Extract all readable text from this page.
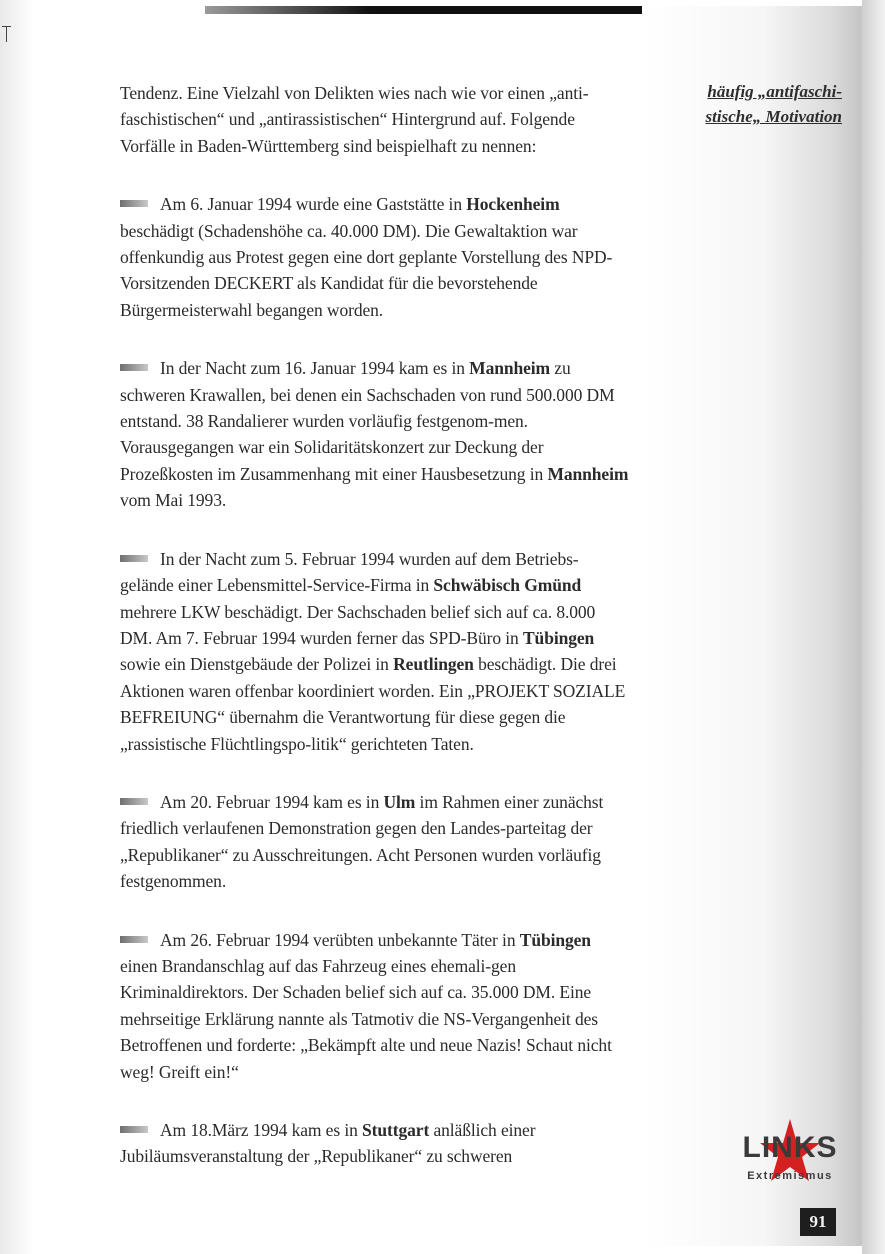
häufig „antifaschi-stische„ Motivation

Tendenz. Eine Vielzahl von Delikten wies nach wie vor einen „anti-faschistischen“ und „antirassistischen“ Hintergrund auf. Folgende Vorfälle in Baden-Württemberg sind beispielhaft zu nennen:

Am 6. Januar 1994 wurde eine Gaststätte in Hockenheim beschädigt (Schadenshöhe ca. 40.000 DM). Die Gewaltaktion war offenkundig aus Protest gegen eine dort geplante Vorstellung des NPD-Vorsitzenden DECKERT als Kandidat für die bevorstehende Bürgermeisterwahl begangen worden.

In der Nacht zum 16. Januar 1994 kam es in Mannheim zu schweren Krawallen, bei denen ein Sachschaden von rund 500.000 DM entstand. 38 Randalierer wurden vorläufig festgenom-men. Vorausgegangen war ein Solidaritätskonzert zur Deckung der Prozeßkosten im Zusammenhang mit einer Hausbesetzung in Mannheim vom Mai 1993.

In der Nacht zum 5. Februar 1994 wurden auf dem Betriebs-gelände einer Lebensmittel-Service-Firma in Schwäbisch Gmünd mehrere LKW beschädigt. Der Sachschaden belief sich auf ca. 8.000 DM. Am 7. Februar 1994 wurden ferner das SPD-Büro in Tübingen sowie ein Dienstgebäude der Polizei in Reutlingen beschädigt. Die drei Aktionen waren offenbar koordiniert worden. Ein „PROJEKT SOZIALE BEFREIUNG“ übernahm die Verantwortung für diese gegen die „rassistische Flüchtlingspo-litik“ gerichteten Taten.

Am 20. Februar 1994 kam es in Ulm im Rahmen einer zunächst friedlich verlaufenen Demonstration gegen den Landes-parteitag der „Republikaner“ zu Ausschreitungen. Acht Personen wurden vorläufig festgenommen.

Am 26. Februar 1994 verübten unbekannte Täter in Tübingen einen Brandanschlag auf das Fahrzeug eines ehemali-gen Kriminaldirektors. Der Schaden belief sich auf ca. 35.000 DM. Eine mehrseitige Erklärung nannte als Tatmotiv die NS-Vergangenheit des Betroffenen und forderte: „Bekämpft alte und neue Nazis! Schaut nicht weg! Greift ein!“

Am 18.März 1994 kam es in Stuttgart anläßlich einer Jubiläumsveranstaltung der „Republikaner“ zu schweren	LINKS
Extremismus
91
